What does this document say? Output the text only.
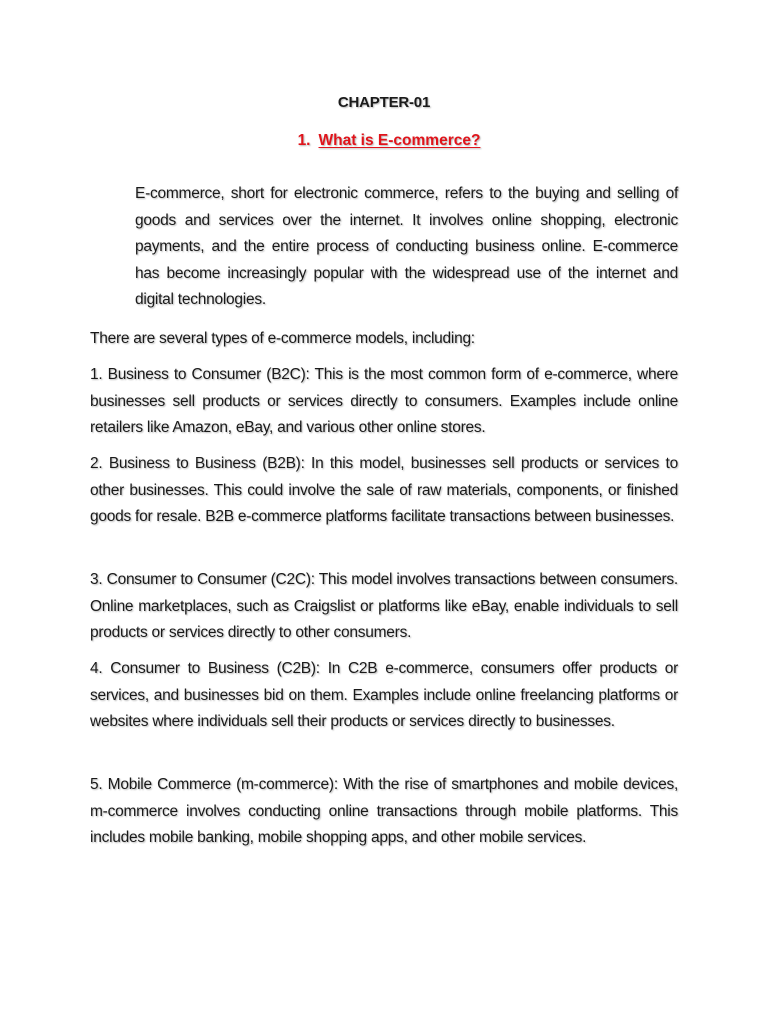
CHAPTER-01
1. What is E-commerce?

E-commerce, short for electronic commerce, refers to the buying and selling of goods and services over the internet. It involves online shopping, electronic payments, and the entire process of conducting business online. E-commerce has become increasingly popular with the widespread use of the internet and digital technologies.

There are several types of e-commerce models, including:

1. Business to Consumer (B2C): This is the most common form of e-commerce, where businesses sell products or services directly to consumers. Examples include online retailers like Amazon, eBay, and various other online stores.

2. Business to Business (B2B): In this model, businesses sell products or services to other businesses. This could involve the sale of raw materials, components, or finished goods for resale. B2B e-commerce platforms facilitate transactions between businesses.

3. Consumer to Consumer (C2C): This model involves transactions between consumers. Online marketplaces, such as Craigslist or platforms like eBay, enable individuals to sell products or services directly to other consumers.

4. Consumer to Business (C2B): In C2B e-commerce, consumers offer products or services, and businesses bid on them. Examples include online freelancing platforms or websites where individuals sell their products or services directly to businesses.

5. Mobile Commerce (m-commerce): With the rise of smartphones and mobile devices, m-commerce involves conducting online transactions through mobile platforms. This includes mobile banking, mobile shopping apps, and other mobile services.
